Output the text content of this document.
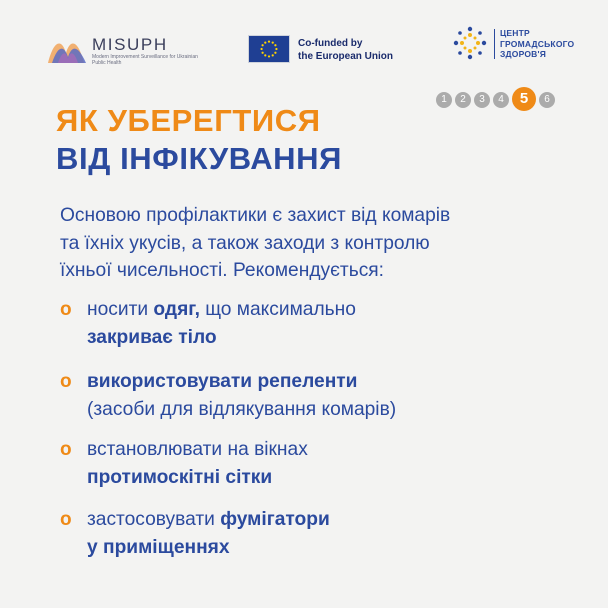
MISUPH
Modern Improvement Surveillance for Ukrainian Public Health
Co-funded by
the European Union
ЦЕНТР
ГРОМАДСЬКОГО
ЗДОРОВ'Я
1	2	3	4	5	6
ЯК УБЕРЕГТИСЯ
ВІД ІНФІКУВАННЯ

Основою профілактики є захист від комарів
та їхніх укусів, а також заходи з контролю
їхньої чисельності. Рекомендується:

o носити одяг, що максимально
закриває тіло
o використовувати репеленти
(засоби для відлякування комарів)
o встановлювати на вікнах
протимоскітні сітки
o застосовувати фумігатори
у приміщеннях
